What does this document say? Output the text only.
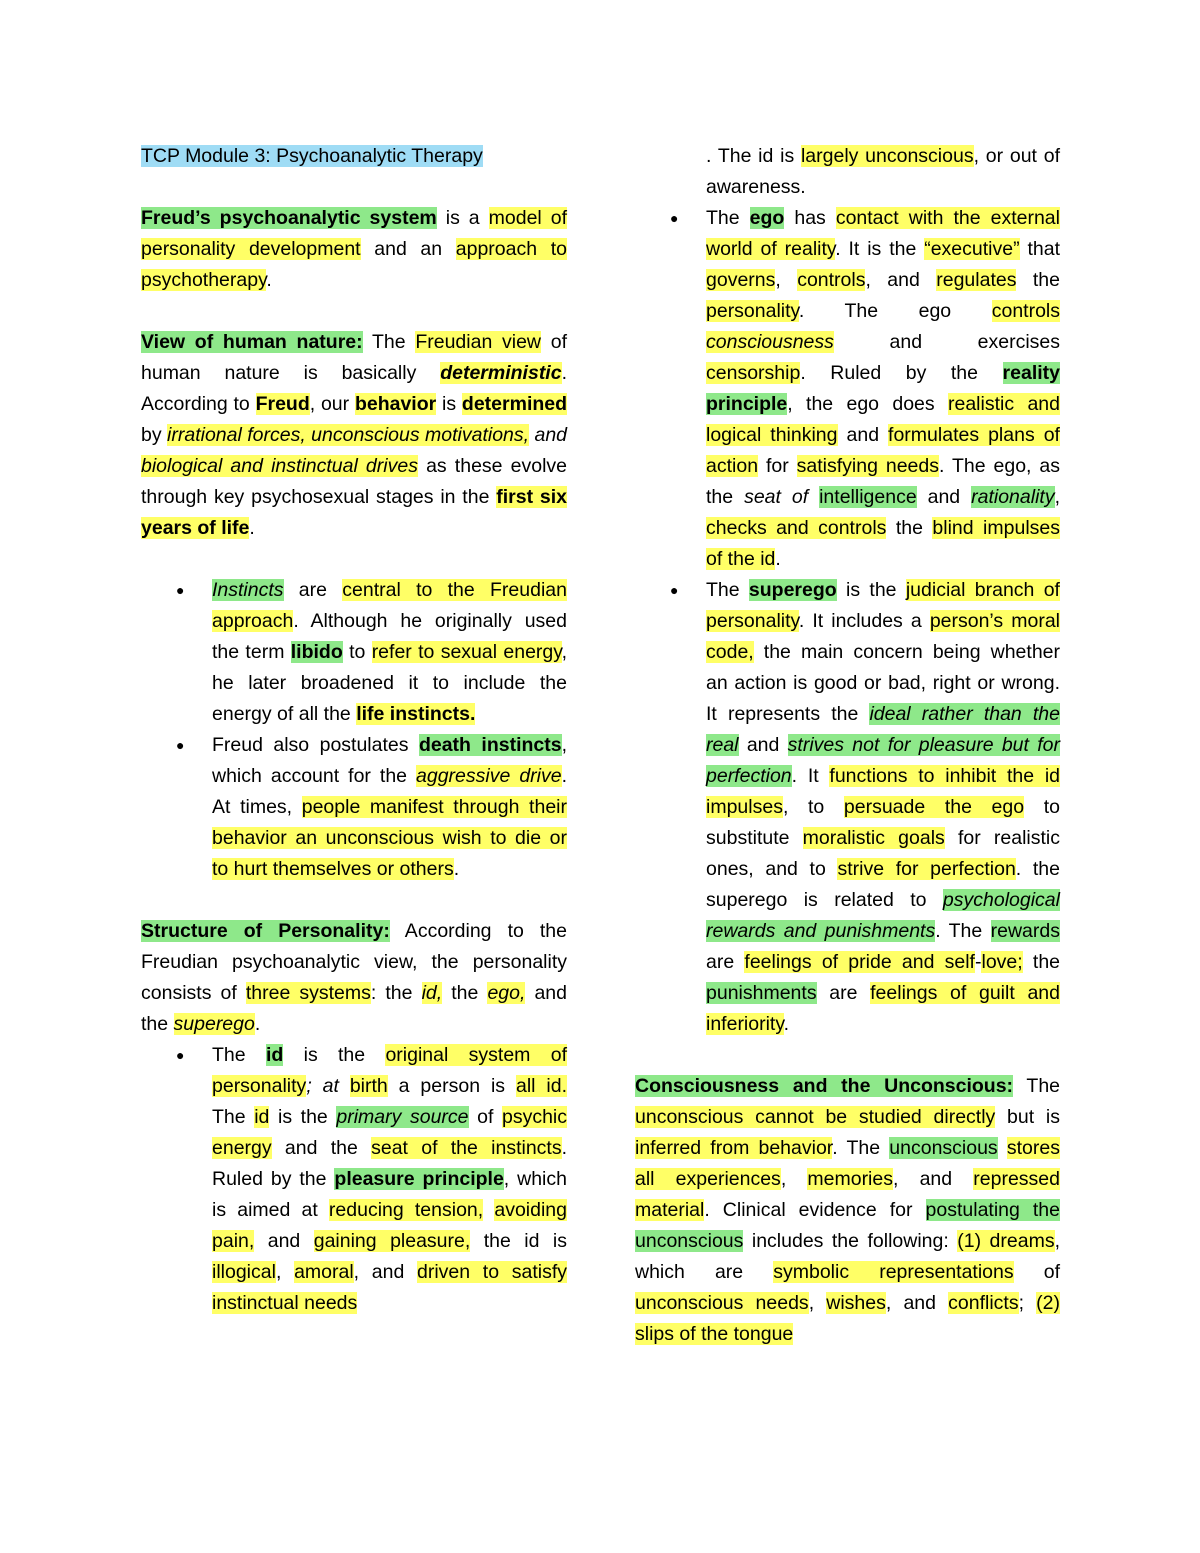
TCP Module 3: Psychoanalytic Therapy

Freud’s psychoanalytic system is a model of personality development and an approach to psychotherapy.

View of human nature: The Freudian view of human nature is basically deterministic. According to Freud, our behavior is determined by irrational forces, unconscious motivations, and biological and instinctual drives as these evolve through key psychosexual stages in the first six years of life.

● Instincts are central to the Freudian approach. Although he originally used the term libido to refer to sexual energy, he later broadened it to include the energy of all the life instincts.
● Freud also postulates death instincts, which account for the aggressive drive. At times, people manifest through their behavior an unconscious wish to die or to hurt themselves or others.

Structure of Personality: According to the Freudian psychoanalytic view, the personality consists of three systems: the id, the ego, and the superego.

● The id is the original system of personality; at birth a person is all id. The id is the primary source of psychic energy and the seat of the instincts. Ruled by the pleasure principle, which is aimed at reducing tension, avoiding pain, and gaining pleasure, the id is illogical, amoral, and driven to satisfy instinctual needs
. The id is largely unconscious, or out of awareness.
● The ego has contact with the external world of reality. It is the “executive” that governs, controls, and regulates the personality. The ego controls consciousness and exercises censorship. Ruled by the reality principle, the ego does realistic and logical thinking and formulates plans of action for satisfying needs. The ego, as the seat of intelligence and rationality, checks and controls the blind impulses of the id.
● The superego is the judicial branch of personality. It includes a person’s moral code, the main concern being whether an action is good or bad, right or wrong. It represents the ideal rather than the real and strives not for pleasure but for perfection. It functions to inhibit the id impulses, to persuade the ego to substitute moralistic goals for realistic ones, and to strive for perfection. the superego is related to psychological rewards and punishments. The rewards are feelings of pride and self-love; the punishments are feelings of guilt and inferiority.

Consciousness and the Unconscious: The unconscious cannot be studied directly but is inferred from behavior. The unconscious stores all experiences, memories, and repressed material. Clinical evidence for postulating the unconscious includes the following: (1) dreams, which are symbolic representations of unconscious needs, wishes, and conflicts; (2) slips of the tongue
